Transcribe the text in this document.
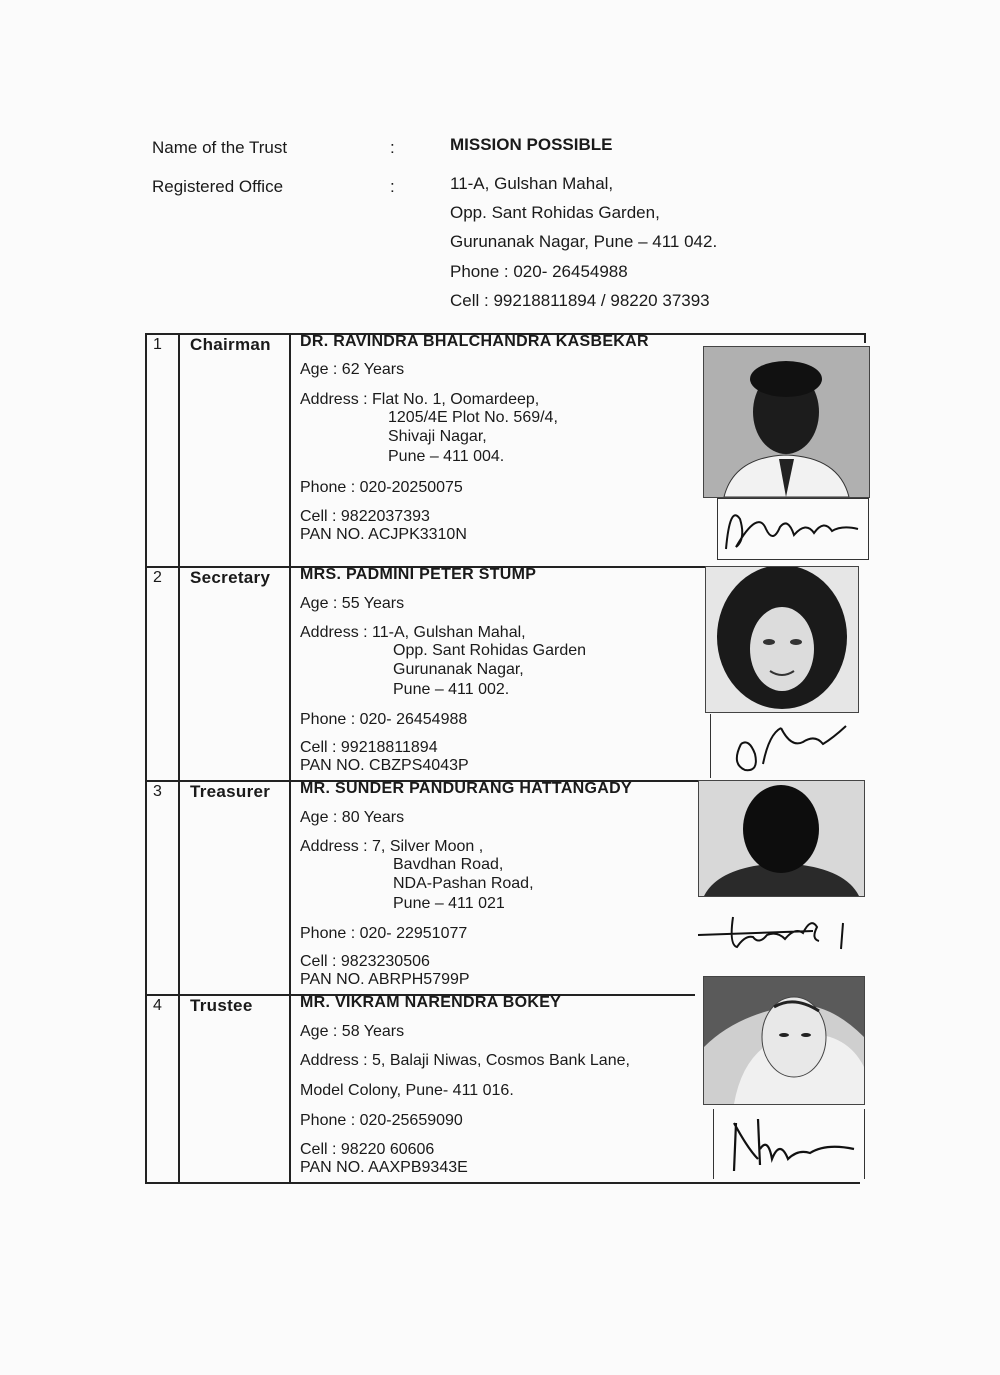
Name of the Trust	:	MISSION POSSIBLE
Registered Office	:	11-A, Gulshan Mahal,
Opp. Sant Rohidas Garden,
Gurunanak Nagar, Pune – 411 042.
Phone : 020- 26454988
Cell : 99218811894 / 98220 37393
1 Chairman DR. RAVINDRA BHALCHANDRA KASBEKAR
Age : 62 Years
Address : Flat No. 1, Oomardeep,
1205/4E Plot No. 569/4,
Shivaji Nagar,
Pune – 411 004.
Phone : 020-20250075
Cell : 9822037393
PAN NO. ACJPK3310N
2 Secretary MRS. PADMINI PETER STUMP
Age : 55 Years
Address : 11-A, Gulshan Mahal,
Opp. Sant Rohidas Garden
Gurunanak Nagar,
Pune – 411 002.
Phone : 020- 26454988
Cell : 99218811894
PAN NO. CBZPS4043P
3 Treasurer MR. SUNDER PANDURANG HATTANGADY
Age : 80 Years
Address : 7, Silver Moon ,
Bavdhan Road,
NDA-Pashan Road,
Pune – 411 021
Phone : 020- 22951077
Cell : 9823230506
PAN NO. ABRPH5799P
4 Trustee	MR. VIKRAM NARENDRA BOKEY
Age : 58 Years
Address : 5, Balaji Niwas, Cosmos Bank Lane,
Model Colony, Pune- 411 016.
Phone : 020-25659090
Cell : 98220 60606
PAN NO. AAXPB9343E
